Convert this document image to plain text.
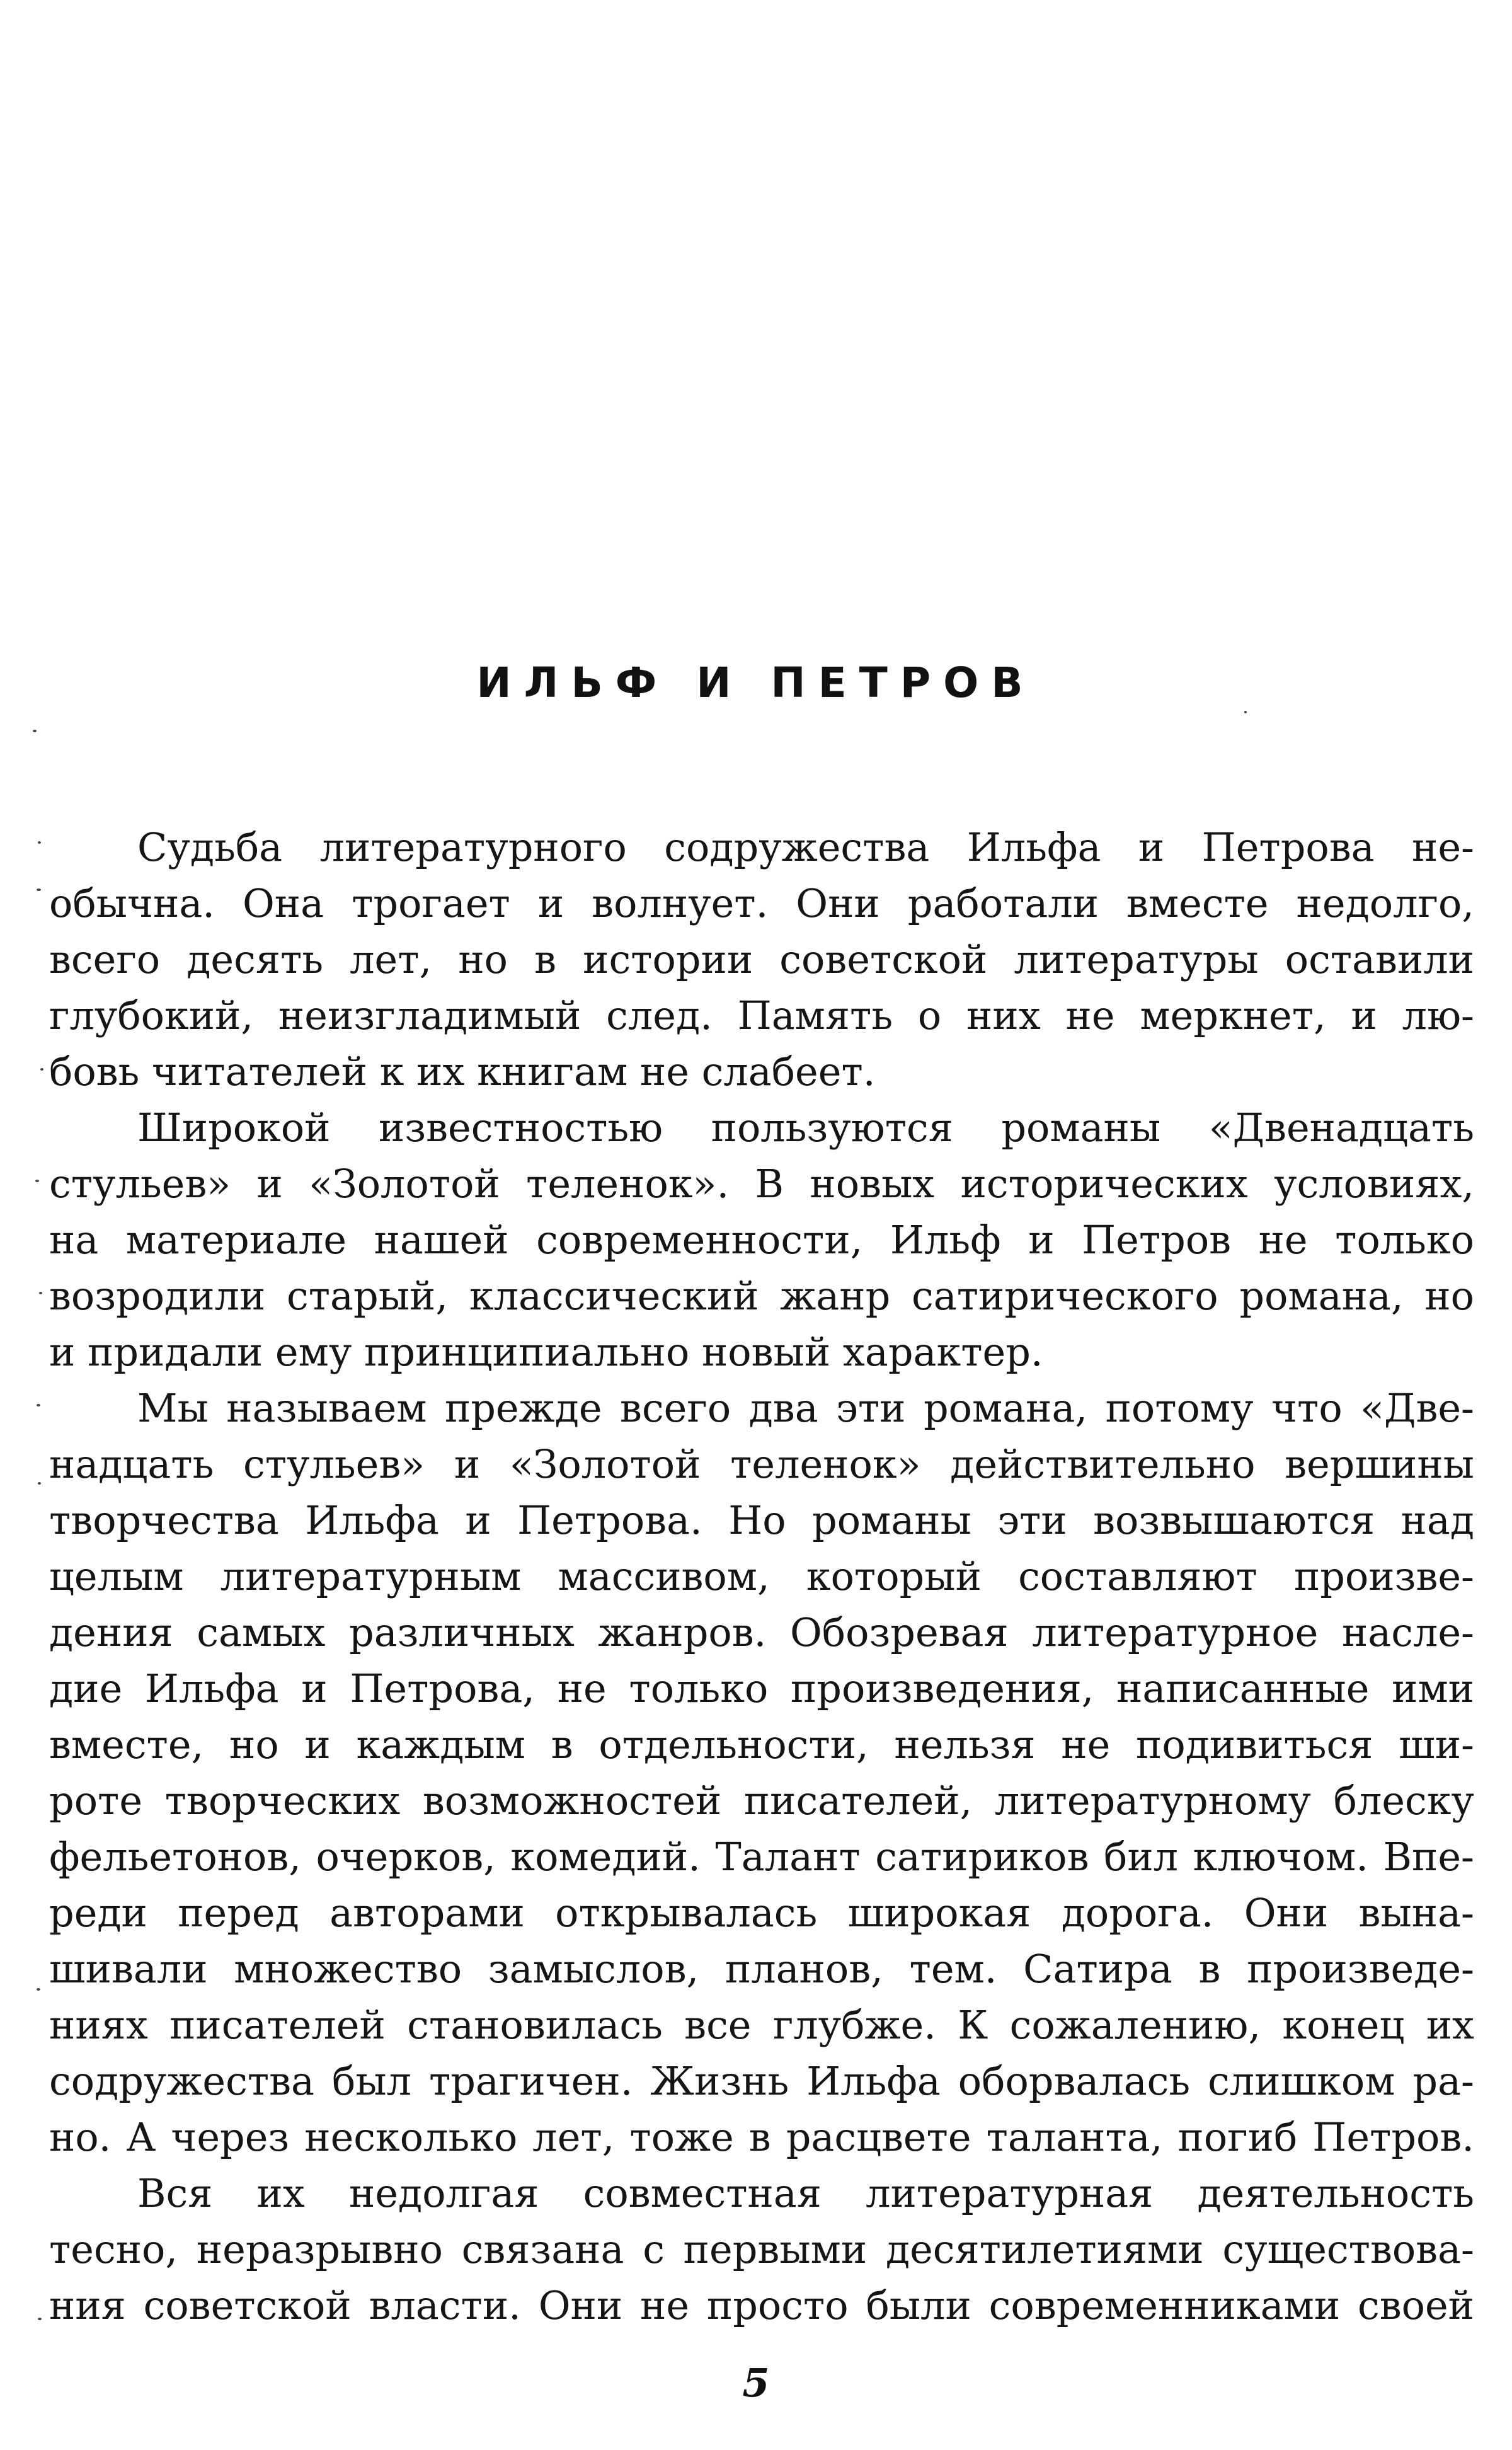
ИЛЬФ И ПЕТРОВ
Судьба литературного содружества Ильфа и Петрова не-
обычна. Она трогает и волнует. Они работали вместе недолго,
всего десять лет, но в истории советской литературы оставили
глубокий, неизгладимый след. Память о них не меркнет, и лю-
бовь читателей к их книгам не слабеет.
Широкой известностью пользуются романы «Двенадцать
стульев» и «Золотой теленок». В новых исторических условиях,
на материале нашей современности, Ильф и Петров не только
возродили старый, классический жанр сатирического романа, но
и придали ему принципиально новый характер.
Мы называем прежде всего два эти романа, потому что «Две-
надцать стульев» и «Золотой теленок» действительно вершины
творчества Ильфа и Петрова. Но романы эти возвышаются над
целым литературным массивом, который составляют произве-
дения самых различных жанров. Обозревая литературное насле-
дие Ильфа и Петрова, не только произведения, написанные ими
вместе, но и каждым в отдельности, нельзя не подивиться ши-
роте творческих возможностей писателей, литературному блеску
фельетонов, очерков, комедий. Талант сатириков бил ключом. Впе-
реди перед авторами открывалась широкая дорога. Они вына-
шивали множество замыслов, планов, тем. Сатира в произведе-
ниях писателей становилась все глубже. К сожалению, конец их
содружества был трагичен. Жизнь Ильфа оборвалась слишком ра-
но. А через несколько лет, тоже в расцвете таланта, погиб Петров.
Вся их недолгая совместная литературная деятельность
тесно, неразрывно связана с первыми десятилетиями существова-
ния советской власти. Они не просто были современниками своей
5
